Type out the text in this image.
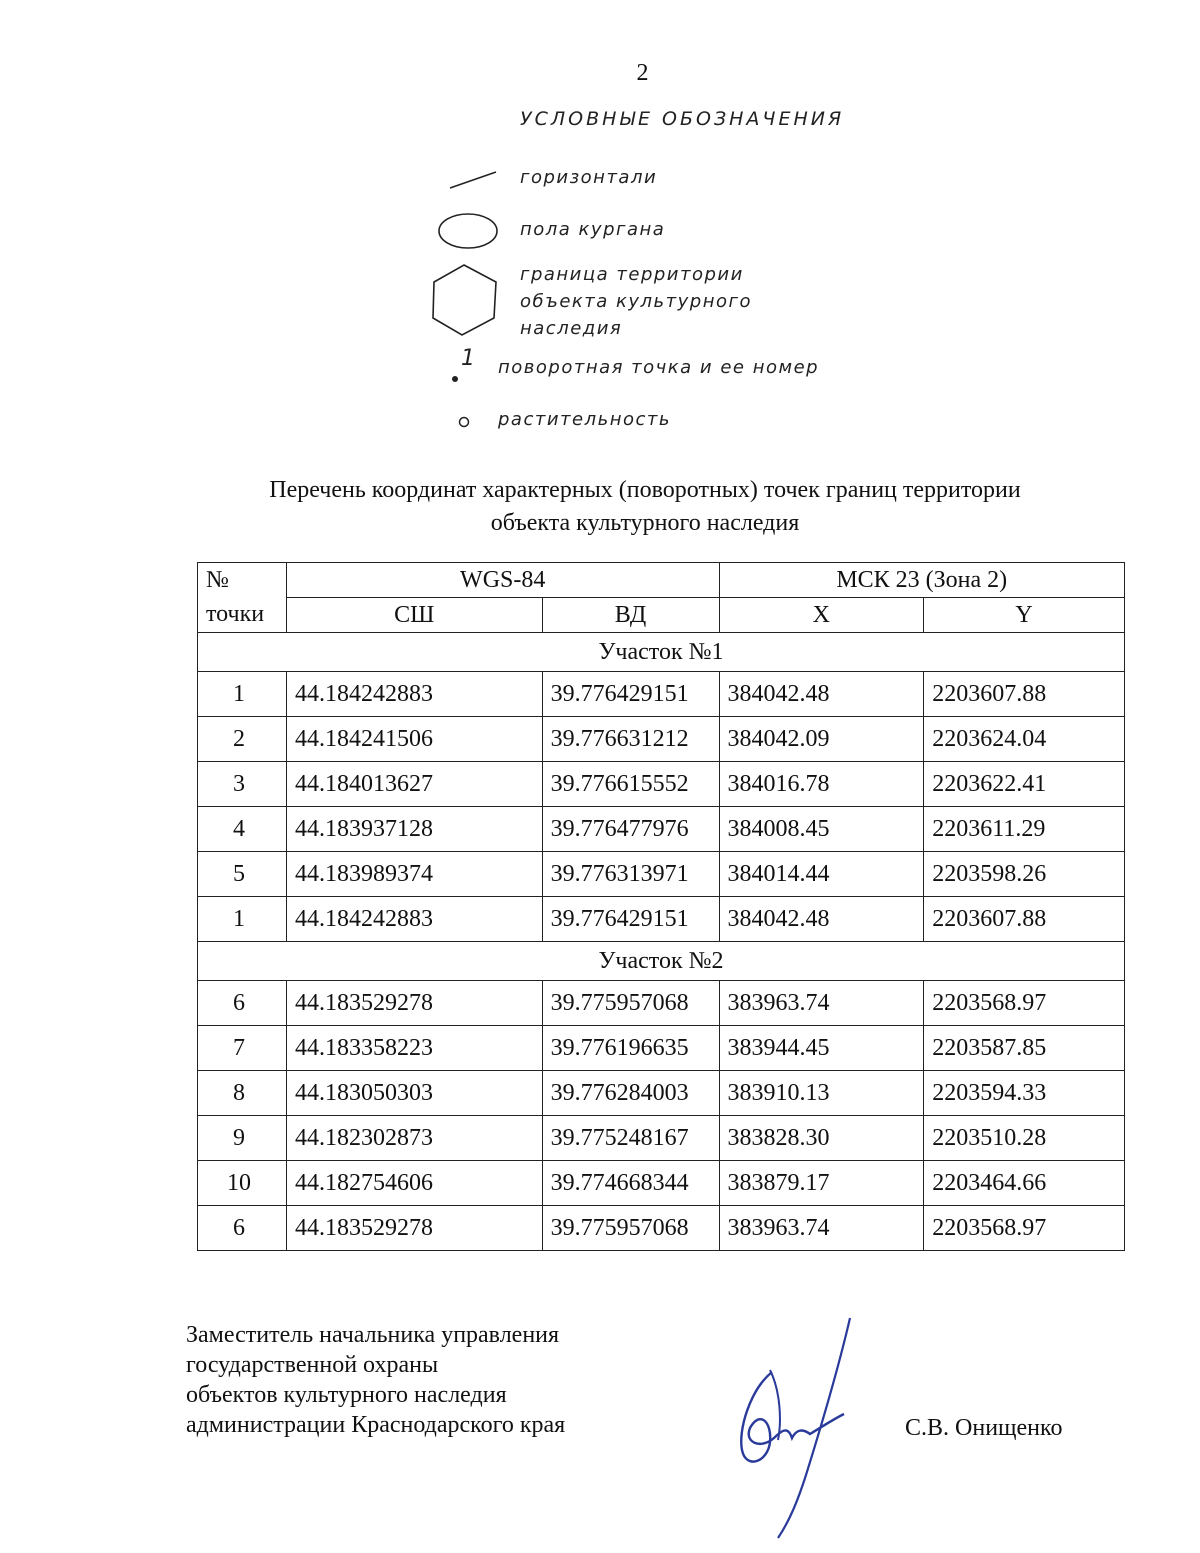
2
УСЛОВНЫЕ ОБОЗНАЧЕНИЯ
горизонтали
пола кургана
граница территории
объекта культурного
наследия
1 поворотная точка и ее номер
растительность
Перечень координат характерных (поворотных) точек границ территории
объекта культурного наследия
№	WGS-84		МСК 23 (Зона 2)	
точки	СШ	ВД	X	Y
Участок №1				
1	44.184242883	39.776429151	384042.48	2203607.88
2	44.184241506	39.776631212	384042.09	2203624.04
3	44.184013627	39.776615552	384016.78	2203622.41
4	44.183937128	39.776477976	384008.45	2203611.29
5	44.183989374	39.776313971	384014.44	2203598.26
1	44.184242883	39.776429151	384042.48	2203607.88
Участок №2				
6	44.183529278	39.775957068	383963.74	2203568.97
7	44.183358223	39.776196635	383944.45	2203587.85
8	44.183050303	39.776284003	383910.13	2203594.33
9	44.182302873	39.775248167	383828.30	2203510.28
10	44.182754606	39.774668344	383879.17	2203464.66
6	44.183529278	39.775957068	383963.74	2203568.97
Заместитель начальника управления
государственной охраны
объектов культурного наследия
администрации Краснодарского края	С.В. Онищенко
